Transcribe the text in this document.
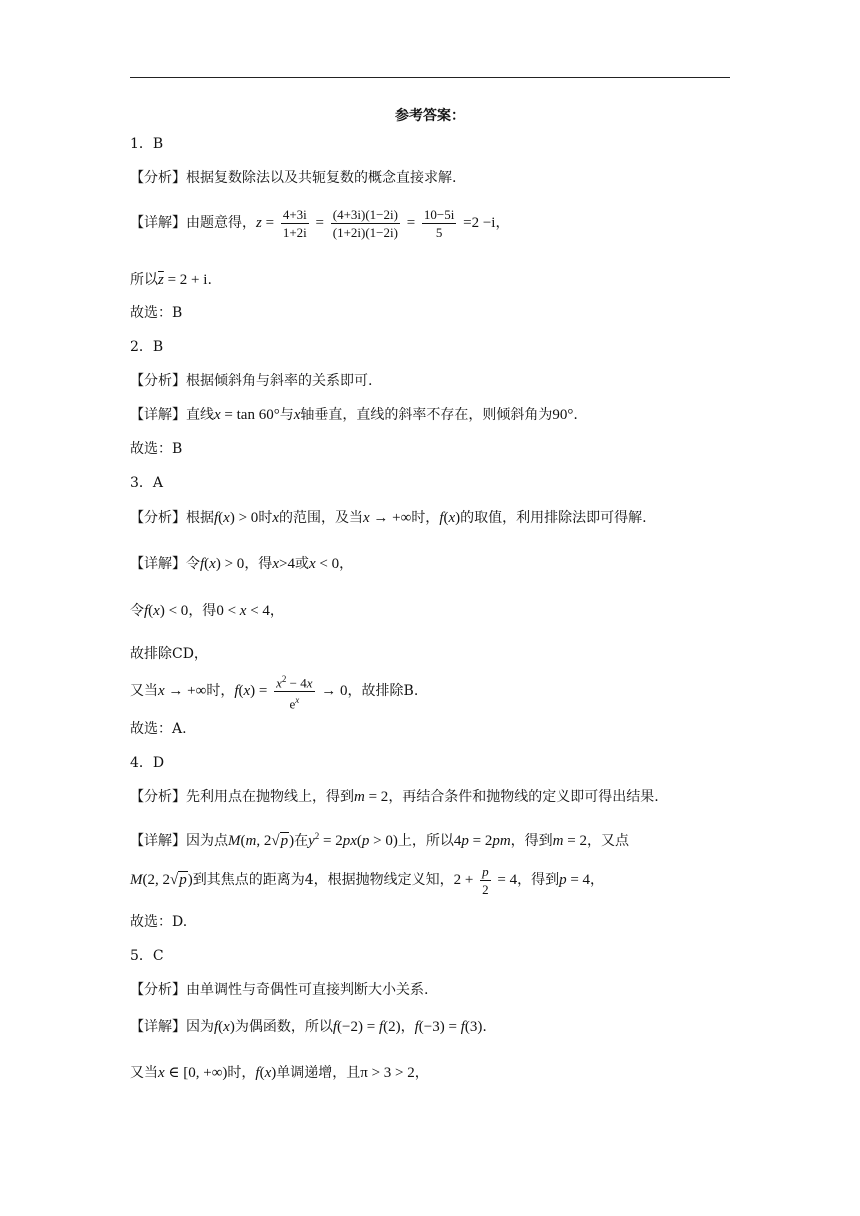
参考答案：
1．B
【分析】根据复数除法以及共轭复数的概念直接求解.
【详解】由题意得，$z = \frac{4+3i}{1+2i} = \frac{(4+3i)(1-2i)}{(1+2i)(1-2i)} = \frac{10-5i}{5} =2 -i$，
所以$\overline{z} = 2 + i$.
故选：B
2．B
【分析】根据倾斜角与斜率的关系即可.
【详解】直线x = tan 60°与x轴垂直，直线的斜率不存在，则倾斜角为90°.
故选：B
3．A
【分析】根据f(x) > 0时x的范围，及当x → +∞时，f(x)的取值，利用排除法即可得解.
【详解】令f(x) > 0，得x>4或x < 0，
令f(x) < 0，得0 < x < 4，
故排除CD，
又当x → +∞时，$f(x) = \frac{x^2 - 4x}{e^x} \to 0$，故排除B.
故选：A.
4．D
【分析】先利用点在抛物线上，得到m = 2，再结合条件和抛物线的定义即可得出结果.
【详解】因为点M(m, 2√p)在$y^2 = 2px(p > 0)$上，所以4p = 2pm，得到m = 2，又点
M(2, 2√p)到其焦点的距离为4，根据抛物线定义知，$2 + \frac{p}{2} = 4$，得到p = 4，
故选：D.
5．C
【分析】由单调性与奇偶性可直接判断大小关系.
【详解】因为f(x)为偶函数，所以f(−2) = f(2)，f(−3) = f(3).
又当x ∈ [0, +∞)时，f(x)单调递增，且π > 3 > 2，
